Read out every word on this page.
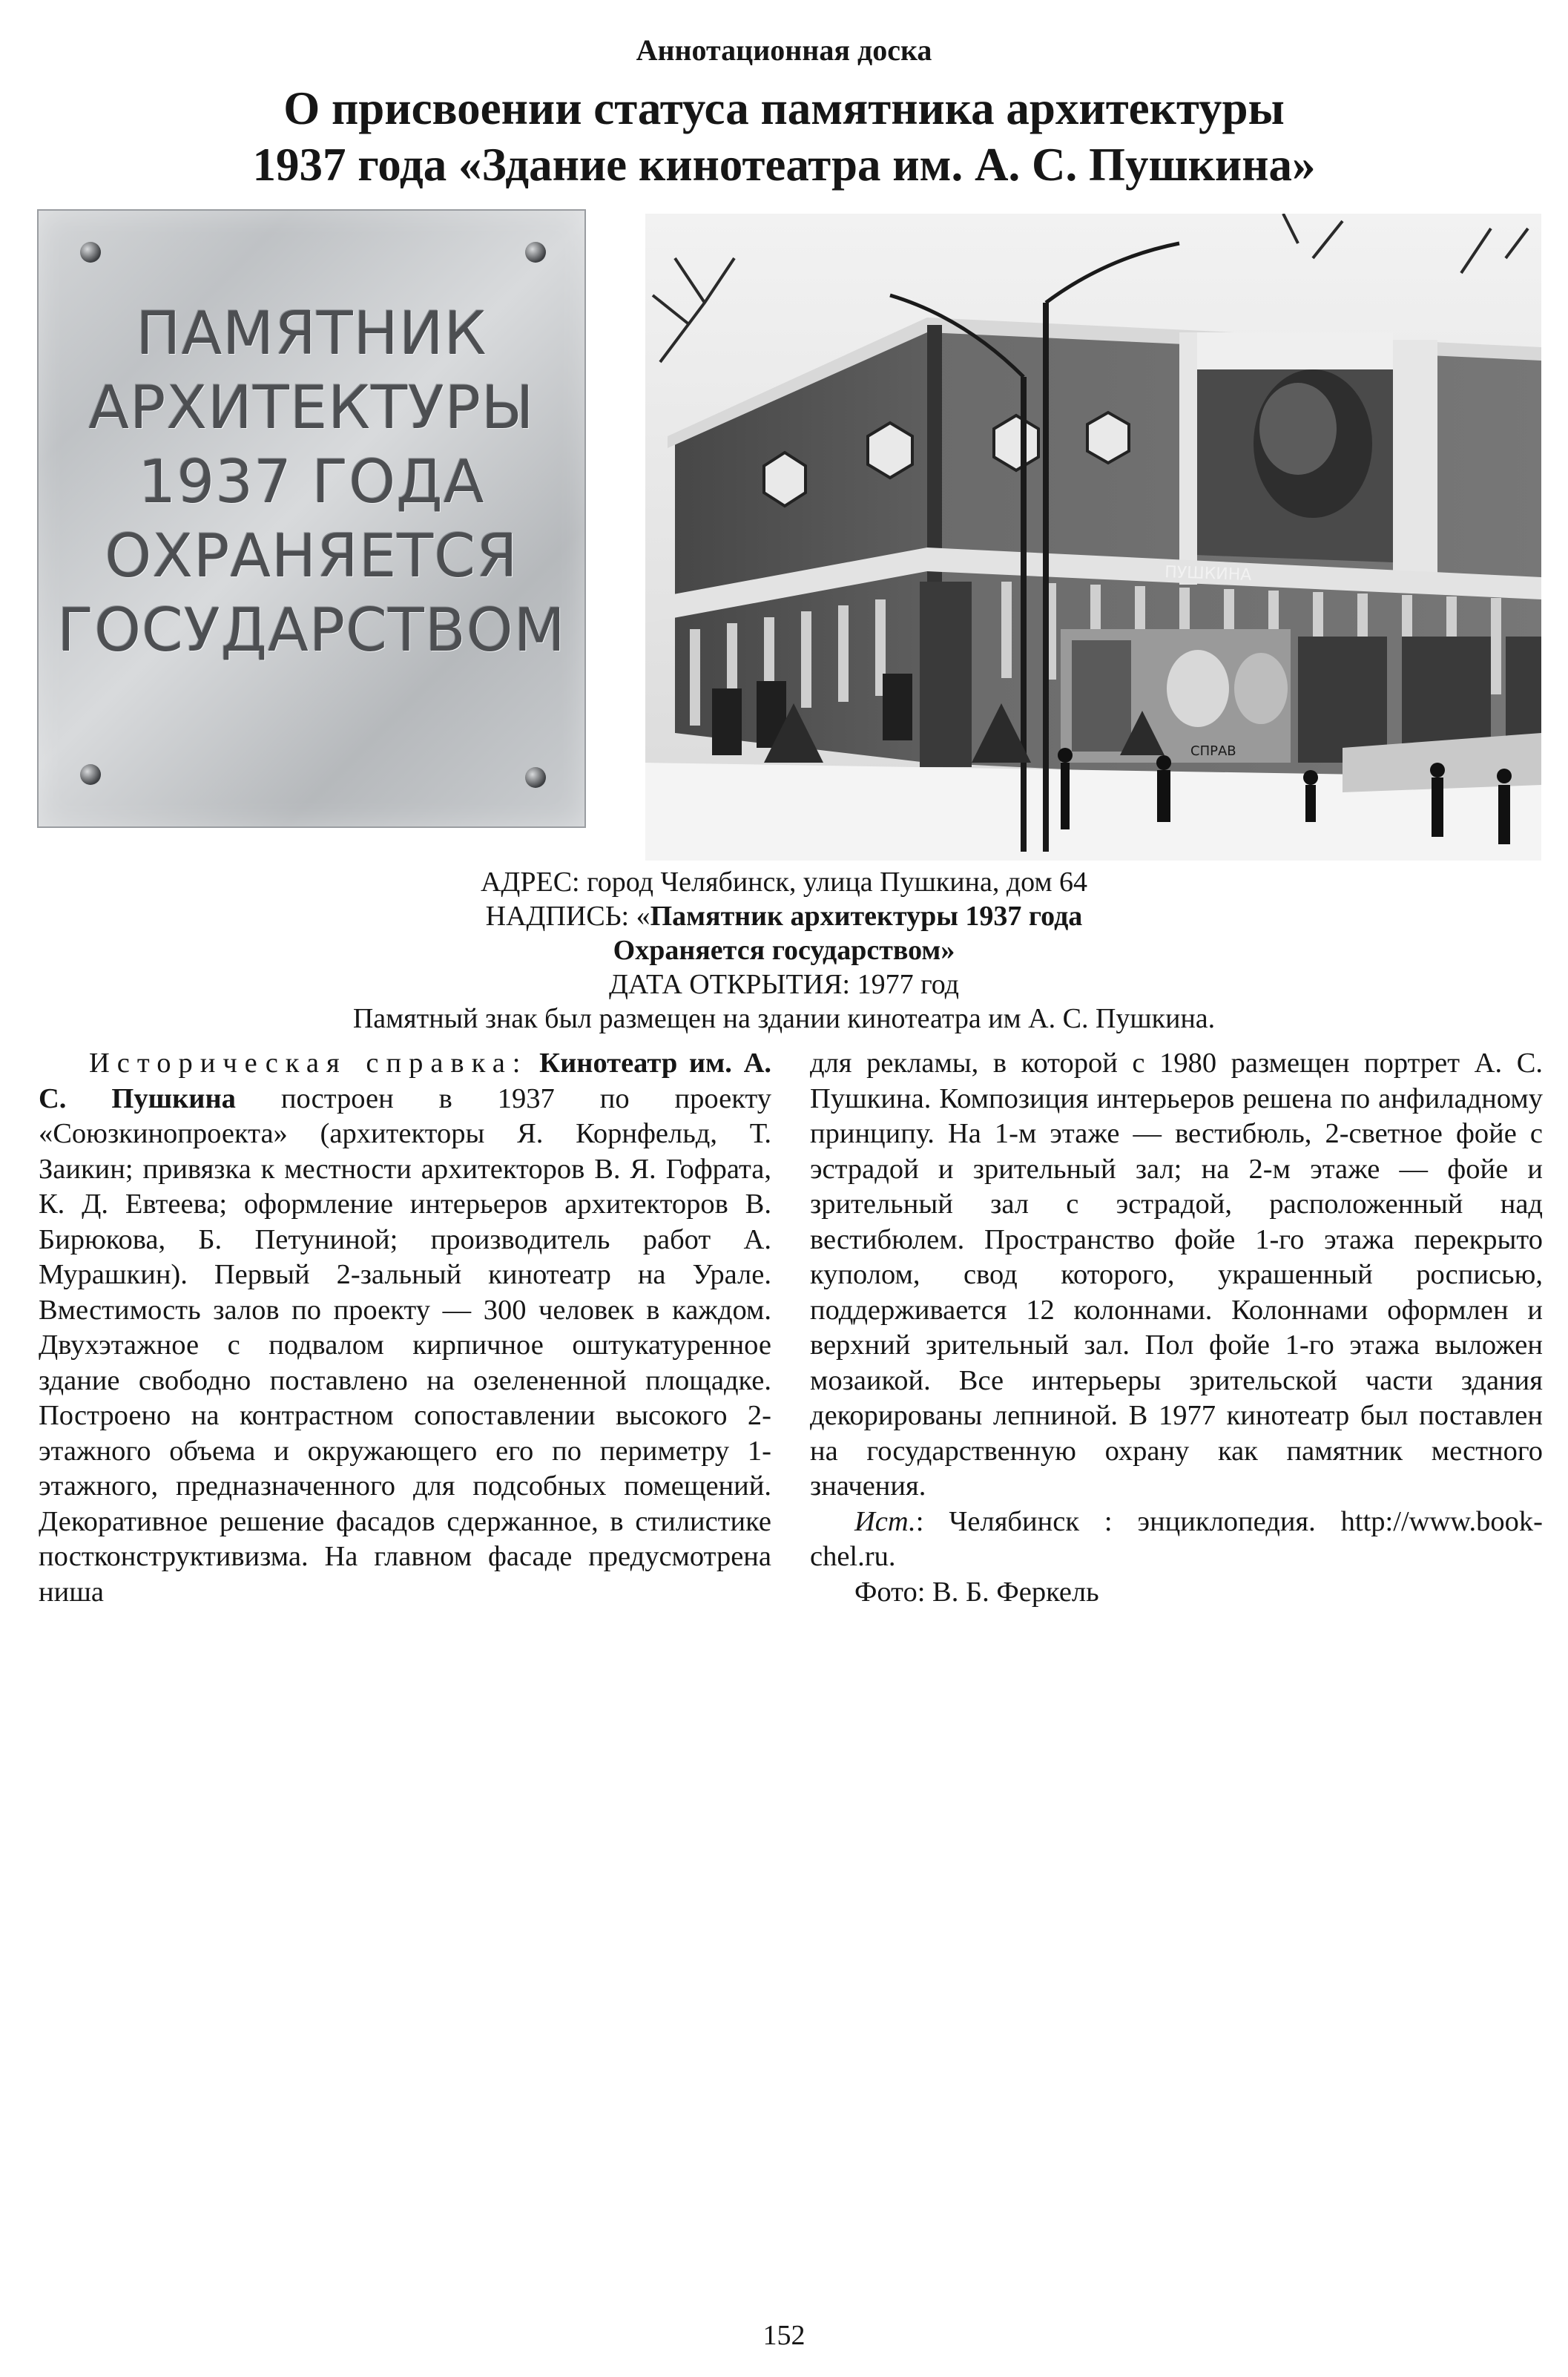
Аннотационная доска
О присвоении статуса памятника архитектуры
1937 года «Здание кинотеатра им. А. С. Пушкина»
ПАМЯТНИК
АРХИТЕКТУРЫ
1937 ГОДА
ОХРАНЯЕТСЯ
ГОСУДАРСТВОМ
ПУШКИНА
СПРАВ
АДРЕС: город Челябинск, улица Пушкина, дом 64
НАДПИСЬ: «Памятник архитектуры 1937 года
Охраняется государством»
ДАТА ОТКРЫТИЯ: 1977 год
Памятный знак был размещен на здании кинотеатра им А. С. Пушкина.

Историческая справка: Кинотеатр им. А. С. Пушкина построен в 1937 по проекту «Союзкинопроекта» (архитекторы Я. Корнфельд, Т. Заикин; привязка к местности архитекторов В. Я. Гофрата, К. Д. Евтеева; оформление интерьеров архитекторов В. Бирюкова, Б. Петуниной; производитель работ А. Мурашкин). Первый 2-зальный кинотеатр на Урале. Вместимость залов по проекту — 300 человек в каждом. Двухэтажное с подвалом кирпичное оштукатуренное здание свободно поставлено на озелененной площадке. Построено на контрастном сопоставлении высокого 2-этажного объема и окружающего его по периметру 1-этажного, предназначенного для подсобных помещений. Декоративное решение фасадов сдержанное, в стилистике постконструктивизма. На главном фасаде предусмотрена ниша

для рекламы, в которой с 1980 размещен портрет А. С. Пушкина. Композиция интерьеров решена по анфиладному принципу. На 1-м этаже — вестибюль, 2-светное фойе с эстрадой и зрительный зал; на 2-м этаже — фойе и зрительный зал с эстрадой, расположенный над вестибюлем. Пространство фойе 1-го этажа перекрыто куполом, свод которого, украшенный росписью, поддерживается 12 колоннами. Колоннами оформлен и верхний зрительный зал. Пол фойе 1-го этажа выложен мозаикой. Все интерьеры зрительской части здания декорированы лепниной. В 1977 кинотеатр был поставлен на государственную охрану как памятник местного значения.

Ист.: Челябинск : энциклопедия. http://www.book-chel.ru.

Фото: В. Б. Феркель

152
